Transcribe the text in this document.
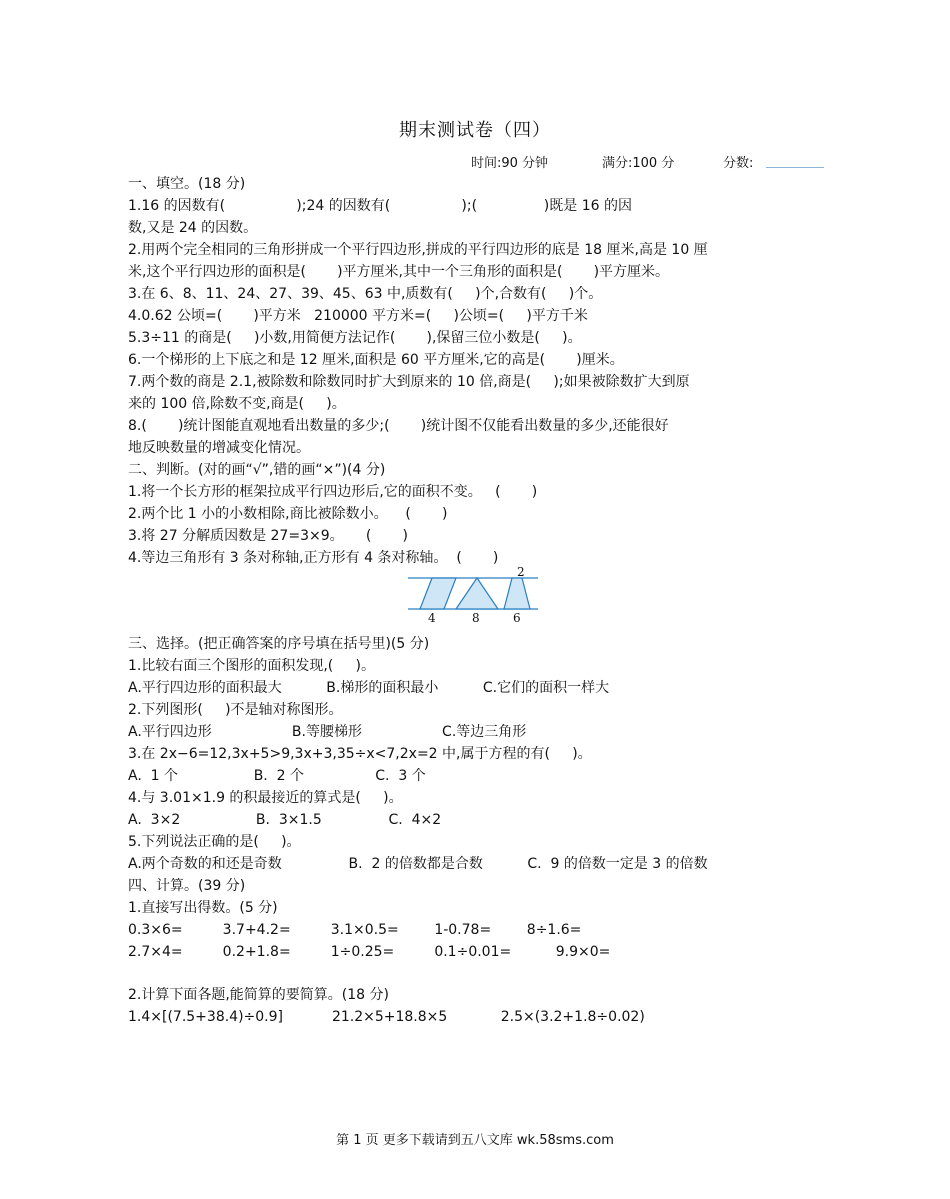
期末测试卷（四）
时间:90 分钟	满分:100 分	分数:
一、填空。(18 分)
1.16 的因数有(                );24 的因数有(                );(               )既是 16 的因
数,又是 24 的因数。
2.用两个完全相同的三角形拼成一个平行四边形,拼成的平行四边形的底是 18 厘米,高是 10 厘
米,这个平行四边形的面积是(       )平方厘米,其中一个三角形的面积是(       )平方厘米。
3.在 6、8、11、24、27、39、45、63 中,质数有(     )个,合数有(     )个。
4.0.62 公顷=(       )平方米   210000 平方米=(     )公顷=(     )平方千米
5.3÷11 的商是(     )小数,用简便方法记作(       ),保留三位小数是(     )。
6.一个梯形的上下底之和是 12 厘米,面积是 60 平方厘米,它的高是(       )厘米。
7.两个数的商是 2.1,被除数和除数同时扩大到原来的 10 倍,商是(     );如果被除数扩大到原
来的 100 倍,除数不变,商是(     )。
8.(       )统计图能直观地看出数量的多少;(       )统计图不仅能看出数量的多少,还能很好
地反映数量的增减变化情况。
二、判断。(对的画“√”,错的画“×”)(4 分)
1.将一个长方形的框架拉成平行四边形后,它的面积不变。   (       )
2.两个比 1 小的小数相除,商比被除数小。    (       )
3.将 27 分解质因数是 27=3×9。     (       )
4.等边三角形有 3 条对称轴,正方形有 4 条对称轴。  (       )
2
4	8	6
三、选择。(把正确答案的序号填在括号里)(5 分)
1.比较右面三个图形的面积发现,(     )。
A.平行四边形的面积最大          B.梯形的面积最小          C.它们的面积一样大
2.下列图形(     )不是轴对称图形。
A.平行四边形                  B.等腰梯形                  C.等边三角形
3.在 2x−6=12,3x+5>9,3x+3,35÷x<7,2x=2 中,属于方程的有(     )。
A.  1 个                 B.  2 个                C.  3 个
4.与 3.01×1.9 的积最接近的算式是(     )。
A.  3×2                 B.  3×1.5               C.  4×2
5.下列说法正确的是(     )。
A.两个奇数的和还是奇数               B.  2 的倍数都是合数          C.  9 的倍数一定是 3 的倍数
四、计算。(39 分)
1.直接写出得数。(5 分)
0.3×6=         3.7+4.2=         3.1×0.5=        1-0.78=        8÷1.6=
2.7×4=         0.2+1.8=         1÷0.25=         0.1÷0.01=          9.9×0=
2.计算下面各题,能简算的要简算。(18 分)
1.4×[(7.5+38.4)÷0.9]           21.2×5+18.8×5            2.5×(3.2+1.8÷0.02)
第 1 页 更多下载请到五八文库 wk.58sms.com
